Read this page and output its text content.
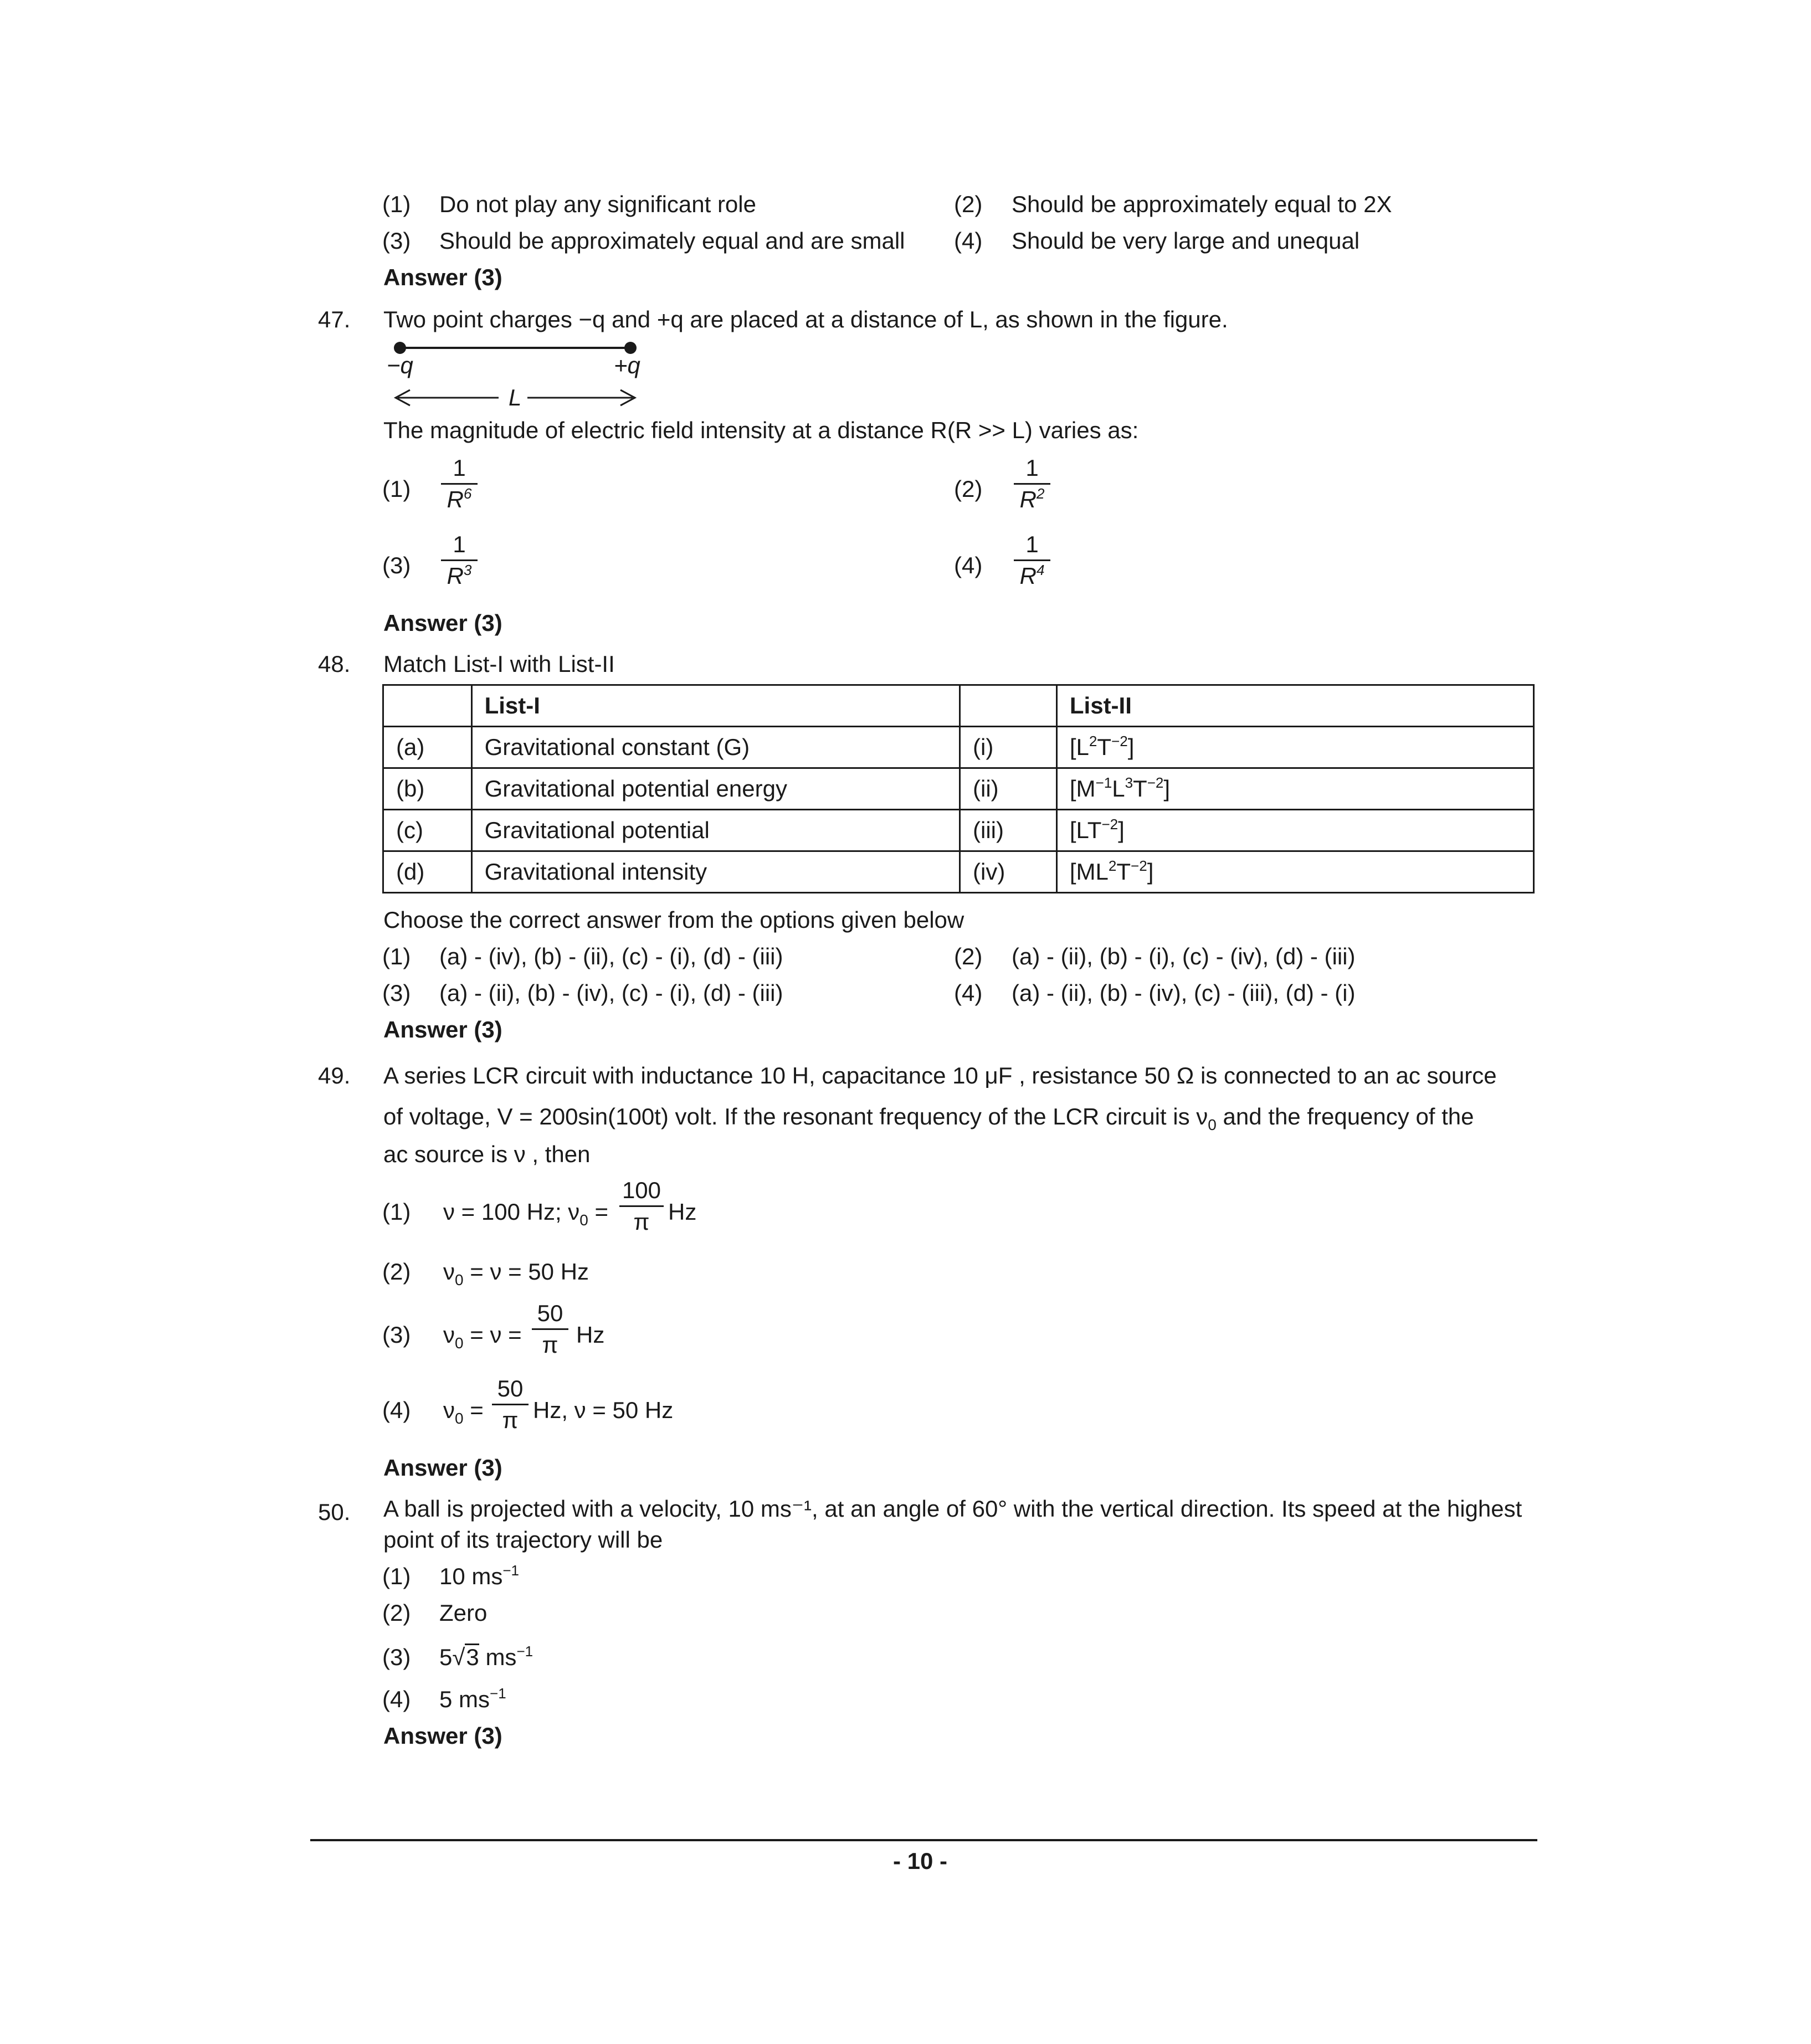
(1) Do not play any significant role	(2) Should be approximately equal to 2X
(3) Should be approximately equal and are small (4) Should be very large and unequal
Answer (3)
47. Two point charges −q and +q are placed at a distance of L, as shown in the figure.
−q	+q
L
The magnitude of electric field intensity at a distance R(R >> L) varies as:
(1)
1
$R^6$	(2)
1
$R^2$
(3)
1
$R^3$	(4)
1
$R^4$
Answer (3)
48. Match List-I with List-II
	List-I		List-II
(a)	Gravitational constant (G)	(i)	$[L^2T^{-2}]$
(b)	Gravitational potential energy	(ii)	$[M^{-1}L^3T^{-2}]$
(c)	Gravitational potential	(iii)	$[LT^{-2}]$
(d)	Gravitational intensity	(iv)	$[ML^2T^{-2}]$
Choose the correct answer from the options given below
(1) (a) - (iv), (b) - (ii), (c) - (i), (d) - (iii)	(2) (a) - (ii), (b) - (i), (c) - (iv), (d) - (iii)
(3) (a) - (ii), (b) - (iv), (c) - (i), (d) - (iii)	(4) (a) - (ii), (b) - (iv), (c) - (iii), (d) - (i)
Answer (3)
49. A series LCR circuit with inductance 10 H, capacitance 10 μF , resistance 50 Ω is connected to an ac source
of voltage, V = 200sin(100t) volt. If the resonant frequency of the LCR circuit is $\nu_0$ and the frequency of the
ac source is ν , then
(1) ν = 100 Hz; $\nu_0$ =
100
π Hz
(2) $\nu_0 = \nu = 50$ Hz
(3) $\nu_0 = \nu$ =
50
π Hz
(4) $\nu_0$ =
50
π Hz, ν = 50 Hz
Answer (3)
50. A ball is projected with a velocity, 10 ms⁻¹, at an angle of 60° with the vertical direction. Its speed at the highest
point of its trajectory will be
(1) 10 $ms^{-1}$
(2) Zero
(3) 5√3 $ms^{-1}$
(4) 5 $ms^{-1}$
Answer (3)
- 10 -
